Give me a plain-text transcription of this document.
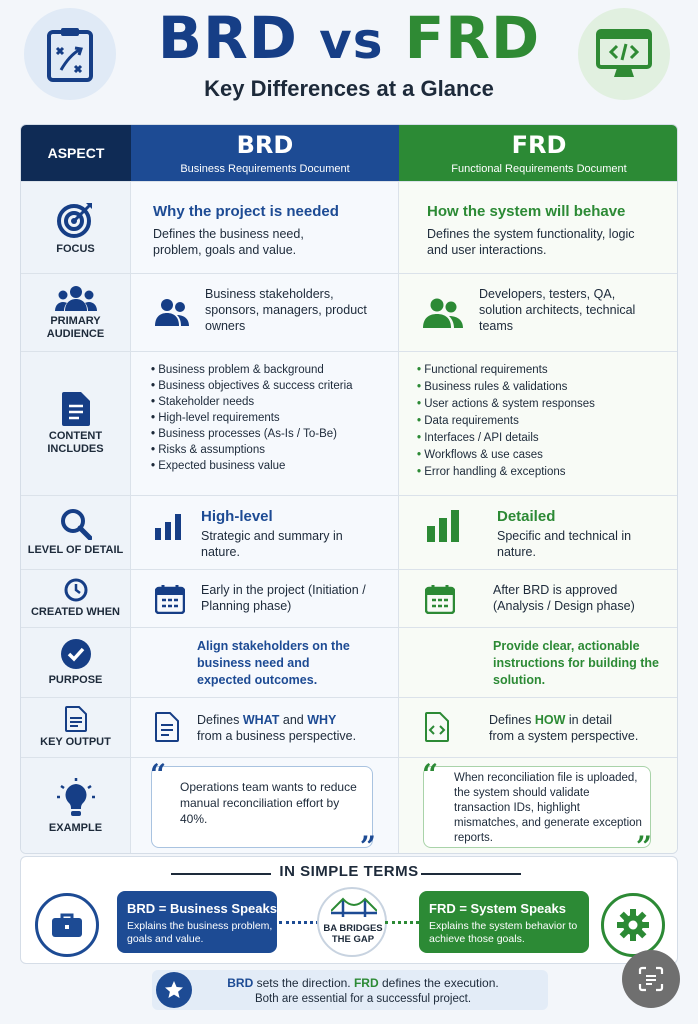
BRD vs FRD
Key Differences at a Glance
ASPECT	BRD
Business Requirements Document
FRD
Functional Requirements Document
FOCUS
Why the project is needed
Defines the business need, problem, goals and value.
How the system will behave
Defines the system functionality, logic and user interactions.
PRIMARY AUDIENCE
Business stakeholders, sponsors, managers, product owners
Developers, testers, QA, solution architects, technical teams
CONTENT INCLUDES
• Business problem & background
• Business objectives & success criteria
• Stakeholder needs
• High-level requirements
• Business processes (As-Is / To-Be)
• Risks & assumptions
• Expected business value
• Functional requirements
• Business rules & validations
• User actions & system responses
• Data requirements
• Interfaces / API details
• Workflows & use cases
• Error handling & exceptions
LEVEL OF DETAIL
High-level
Strategic and summary in nature.
Detailed
Specific and technical in nature.
CREATED WHEN
Early in the project (Initiation / Planning phase)
After BRD is approved (Analysis / Design phase)
PURPOSE
Align stakeholders on the business need and expected outcomes.
Provide clear, actionable instructions for building the solution.
KEY OUTPUT
Defines WHAT and WHY
from a business perspective.
Defines HOW in detail
from a system perspective.
EXAMPLE
“ Operations team wants to reduce manual reconciliation effort by 40%.
”
“ When reconciliation file is uploaded, the system should validate transaction IDs, highlight mismatches, and generate exception reports.	”
IN SIMPLE TERMS
BRD = Business Speaks
Explains the business problem, goals and value.
BA BRIDGES THE GAP
FRD = System Speaks
Explains the system behavior to achieve those goals.
BRD sets the direction. FRD defines the execution.
Both are essential for a successful project.
